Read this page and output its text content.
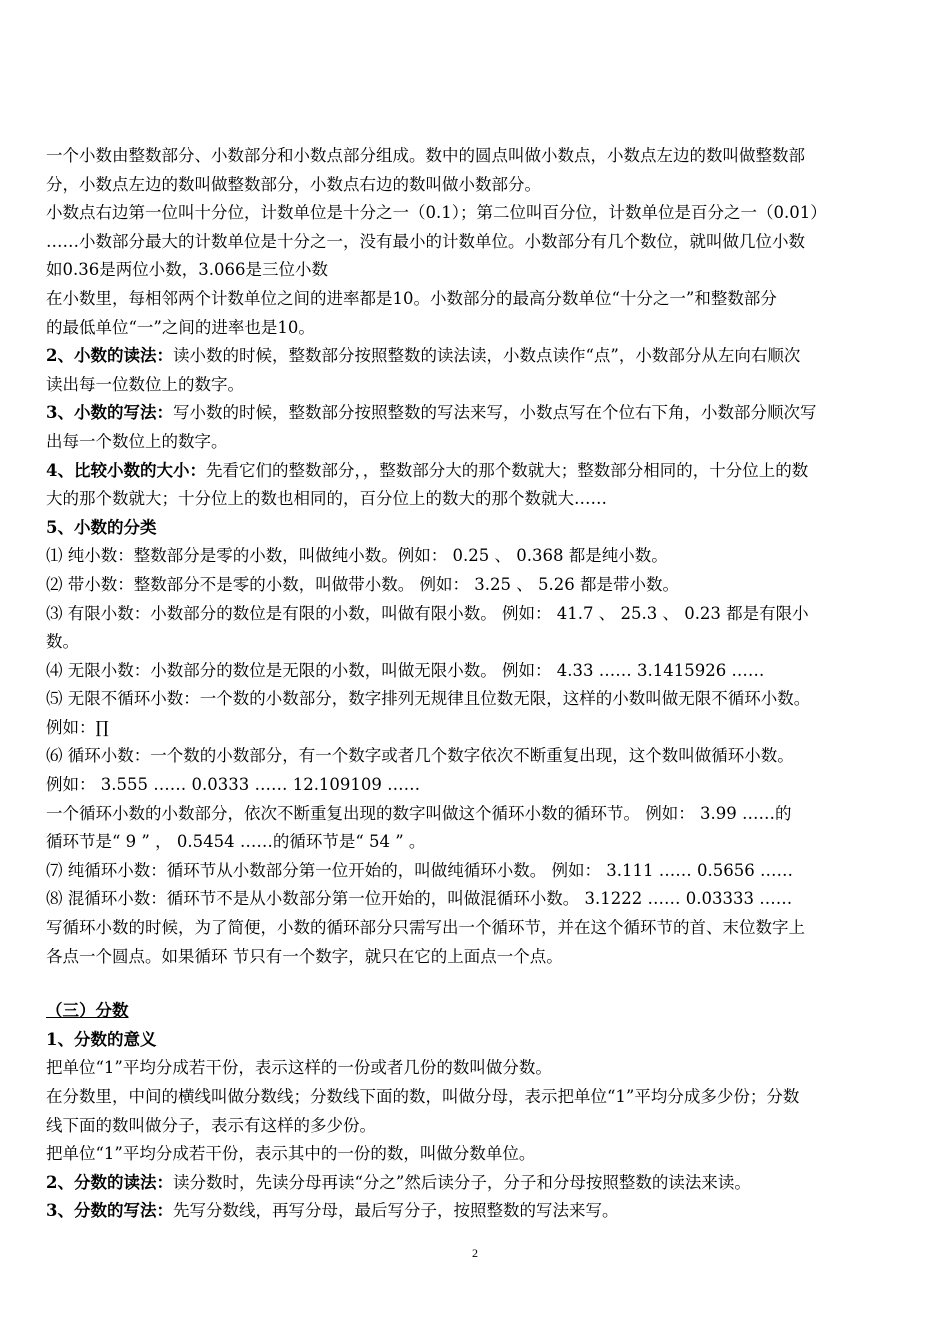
一个小数由整数部分、小数部分和小数点部分组成。数中的圆点叫做小数点，小数点左边的数叫做整数部
分，小数点左边的数叫做整数部分，小数点右边的数叫做小数部分。
小数点右边第一位叫十分位，计数单位是十分之一（0.1）；第二位叫百分位，计数单位是百分之一（0.01）
……小数部分最大的计数单位是十分之一，没有最小的计数单位。小数部分有几个数位，就叫做几位小数
如0.36是两位小数，3.066是三位小数
在小数里，每相邻两个计数单位之间的进率都是10。小数部分的最高分数单位“十分之一”和整数部分
的最低单位“一”之间的进率也是10。
2、小数的读法：读小数的时候，整数部分按照整数的读法读，小数点读作“点”，小数部分从左向右顺次
读出每一位数位上的数字。
3、小数的写法：写小数的时候，整数部分按照整数的写法来写，小数点写在个位右下角，小数部分顺次写
出每一个数位上的数字。
4、比较小数的大小：先看它们的整数部分，，整数部分大的那个数就大；整数部分相同的，十分位上的数
大的那个数就大；十分位上的数也相同的，百分位上的数大的那个数就大……
5、小数的分类
⑴ 纯小数：整数部分是零的小数，叫做纯小数。例如： 0.25 、 0.368 都是纯小数。
⑵ 带小数：整数部分不是零的小数，叫做带小数。 例如： 3.25 、 5.26 都是带小数。
⑶ 有限小数：小数部分的数位是有限的小数，叫做有限小数。 例如： 41.7 、 25.3 、 0.23 都是有限小
数。
⑷ 无限小数：小数部分的数位是无限的小数，叫做无限小数。 例如： 4.33 …… 3.1415926 ……
⑸ 无限不循环小数：一个数的小数部分，数字排列无规律且位数无限，这样的小数叫做无限不循环小数。
例如：∏
⑹ 循环小数：一个数的小数部分，有一个数字或者几个数字依次不断重复出现，这个数叫做循环小数。
例如： 3.555 …… 0.0333 …… 12.109109 ……
一个循环小数的小数部分，依次不断重复出现的数字叫做这个循环小数的循环节。 例如： 3.99 ……的
循环节是“ 9 ” ， 0.5454 ……的循环节是“ 54 ” 。
⑺ 纯循环小数：循环节从小数部分第一位开始的，叫做纯循环小数。 例如： 3.111 …… 0.5656 ……
⑻ 混循环小数：循环节不是从小数部分第一位开始的，叫做混循环小数。 3.1222 …… 0.03333 ……
写循环小数的时候，为了简便，小数的循环部分只需写出一个循环节，并在这个循环节的首、末位数字上
各点一个圆点。如果循环 节只有一个数字，就只在它的上面点一个点。
（三）分数
1、分数的意义
把单位“1”平均分成若干份，表示这样的一份或者几份的数叫做分数。
在分数里，中间的横线叫做分数线；分数线下面的数，叫做分母，表示把单位“1”平均分成多少份；分数
线下面的数叫做分子，表示有这样的多少份。
把单位“1”平均分成若干份，表示其中的一份的数，叫做分数单位。
2、分数的读法：读分数时，先读分母再读“分之”然后读分子，分子和分母按照整数的读法来读。
3、分数的写法：先写分数线，再写分母，最后写分子，按照整数的写法来写。
2
